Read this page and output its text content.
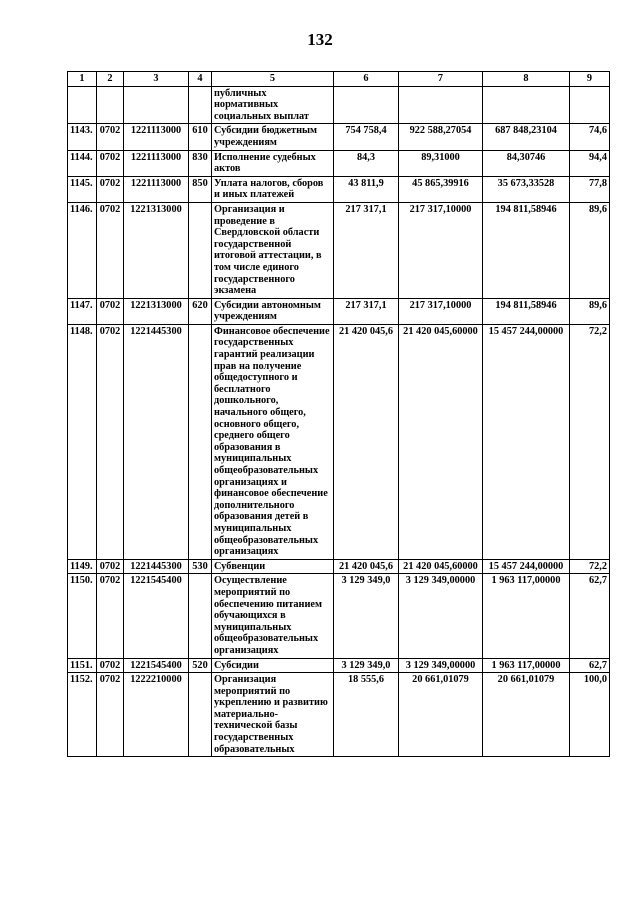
132
1	2	3	4	5	6	7	8	9
				публичных нормативных социальных выплат				
1143.	0702	1221113000	610	Субсидии бюджетным учреждениям	754 758,4	922 588,27054	687 848,23104	74,6
1144.	0702	1221113000	830	Исполнение судебных актов	84,3	89,31000	84,30746	94,4
1145.	0702	1221113000	850	Уплата налогов, сборов и иных платежей	43 811,9	45 865,39916	35 673,33528	77,8
1146.	0702	1221313000		Организация и проведение в Свердловской области государственной итоговой аттестации, в том числе единого государственного экзамена	217 317,1	217 317,10000	194 811,58946	89,6
1147.	0702	1221313000	620	Субсидии автономным учреждениям	217 317,1	217 317,10000	194 811,58946	89,6
1148.	0702	1221445300		Финансовое обеспечение государственных гарантий реализации прав на получение общедоступного и бесплатного дошкольного, начального общего, основного общего, среднего общего образования в муниципальных общеобразовательных организациях и финансовое обеспечение дополнительного образования детей в муниципальных общеобразовательных организациях	21 420 045,6	21 420 045,60000	15 457 244,00000	72,2
1149.	0702	1221445300	530	Субвенции	21 420 045,6	21 420 045,60000	15 457 244,00000	72,2
1150.	0702	1221545400		Осуществление мероприятий по обеспечению питанием обучающихся в муниципальных общеобразовательных организациях	3 129 349,0	3 129 349,00000	1 963 117,00000	62,7
1151.	0702	1221545400	520	Субсидии	3 129 349,0	3 129 349,00000	1 963 117,00000	62,7
1152.	0702	1222210000		Организация мероприятий по укреплению и развитию материально-технической базы государственных образовательных	18 555,6	20 661,01079	20 661,01079	100,0
